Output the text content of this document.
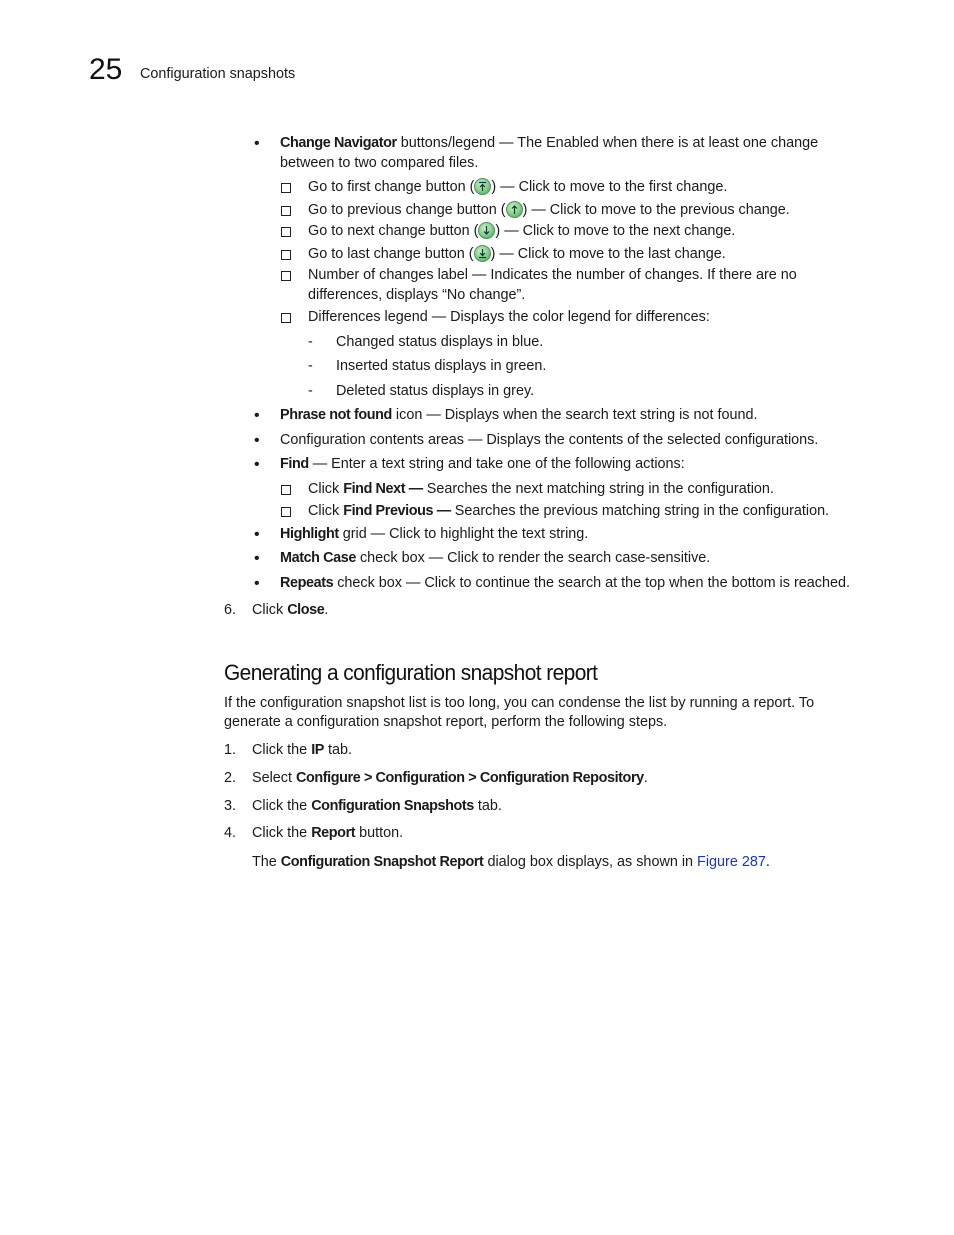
25 Configuration snapshots
• Change Navigator buttons/legend — The Enabled when there is at least one change between to two compared files.
Go to first change button ( ) — Click to move to the first change.
Go to previous change button ( ) — Click to move to the previous change.
Go to next change button ( ) — Click to move to the next change.
Go to last change button ( ) — Click to move to the last change.
Number of changes label — Indicates the number of changes. If there are no differences, displays “No change”.
Differences legend — Displays the color legend for differences:
- Changed status displays in blue.
- Inserted status displays in green.
- Deleted status displays in grey.
• Phrase not found icon — Displays when the search text string is not found.
• Configuration contents areas — Displays the contents of the selected configurations.
• Find — Enter a text string and take one of the following actions:
Click Find Next — Searches the next matching string in the configuration.
Click Find Previous — Searches the previous matching string in the configuration.
• Highlight grid — Click to highlight the text string.
• Match Case check box — Click to render the search case-sensitive.
• Repeats check box — Click to continue the search at the top when the bottom is reached.
6. Click Close.
Generating a configuration snapshot report

If the configuration snapshot list is too long, you can condense the list by running a report. To generate a configuration snapshot report, perform the following steps.

1. Click the IP tab.
2. Select Configure > Configuration > Configuration Repository.
3. Click the Configuration Snapshots tab.
4. Click the Report button.
The Configuration Snapshot Report dialog box displays, as shown in Figure 287.
